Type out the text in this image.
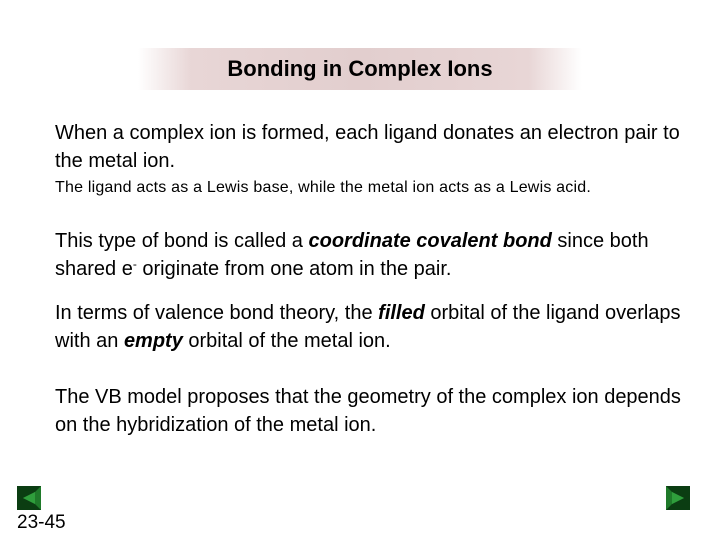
Bonding in Complex Ions

When a complex ion is formed, each ligand donates an electron pair to the metal ion.

The ligand acts as a Lewis base, while the metal ion acts as a Lewis acid.

This type of bond is called a coordinate covalent bond since both shared e- originate from one atom in the pair.

In terms of valence bond theory, the filled orbital of the ligand overlaps with an empty orbital of the metal ion.

The VB model proposes that the geometry of the complex ion depends on the hybridization of the metal ion.

23-45
